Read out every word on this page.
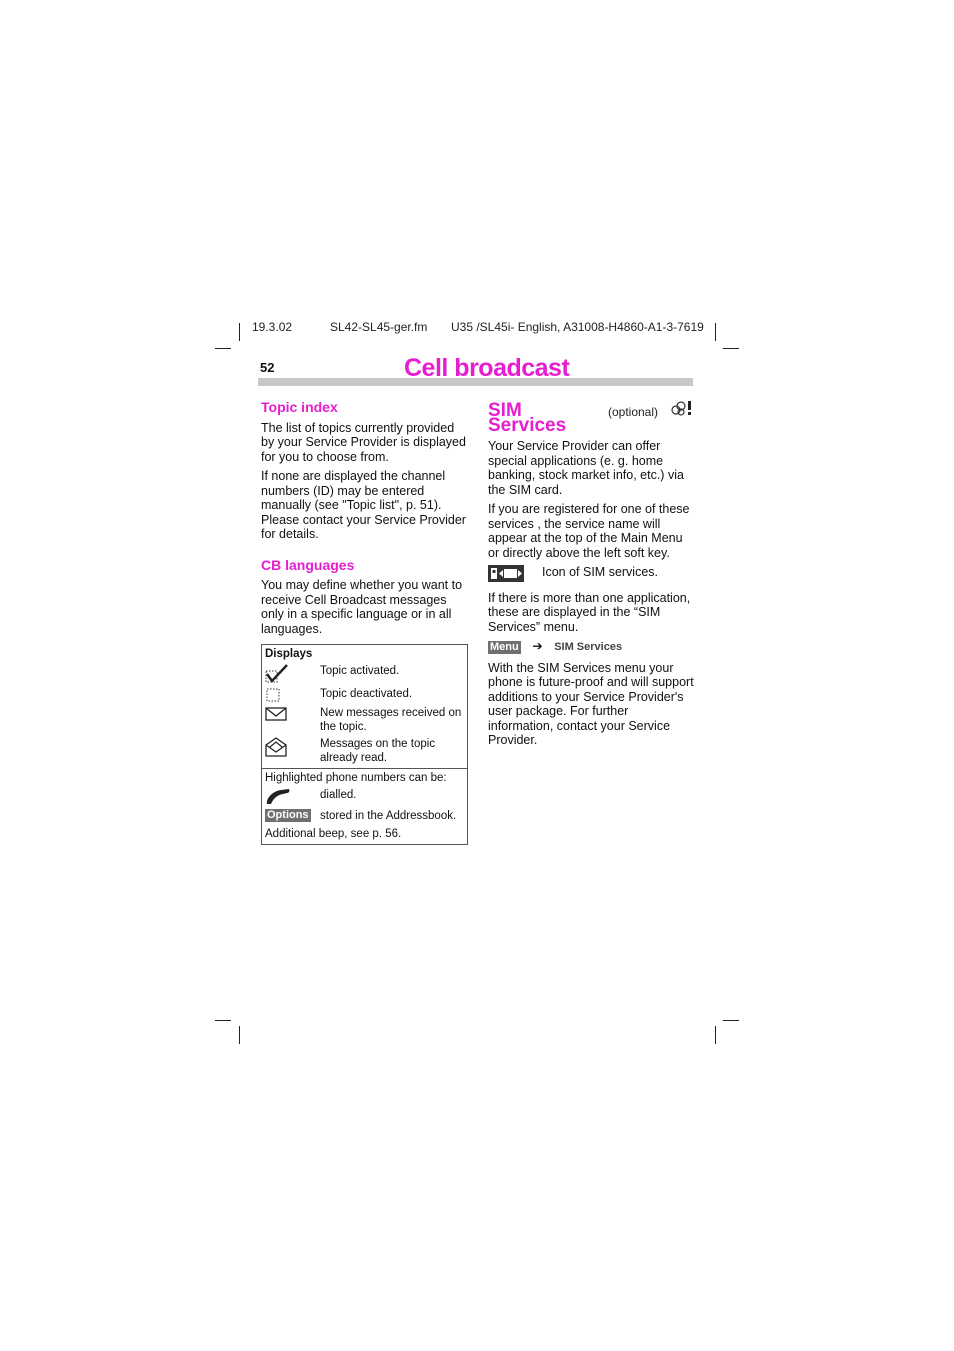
19.3.02	SL42-SL45-ger.fm U35 /SL45i- English, A31008-H4860-A1-3-7619
52	Cell broadcast
Topic index

The list of topics currently provided by your Service Provider is displayed for you to choose from.

If none are displayed the channel numbers (ID) may be entered manually (see "Topic list", p. 51). Please contact your Service Provider for details.

CB languages

You may define whether you want to receive Cell Broadcast messages only in a specific language or in all languages.

Displays
Topic activated.
Topic deactivated.
New messages received on the topic.
Messages on the topic already read.
Highlighted phone numbers can be:
dialled.
Options stored in the Addressbook.
Additional beep, see p. 56.
SIM Services
(optional)

Your Service Provider can offer special applications (e. g. home banking, stock market info, etc.) via the SIM card.

If you are registered for one of these services , the service name will appear at the top of the Main Menu or directly above the left soft key.

Icon of SIM services.

If there is more than one application, these are displayed in the “SIM Services” menu.

Menu ➔ SIM Services

With the SIM Services menu your phone is future-proof and will support additions to your Service Provider's user package. For further information, contact your Service Provider.
